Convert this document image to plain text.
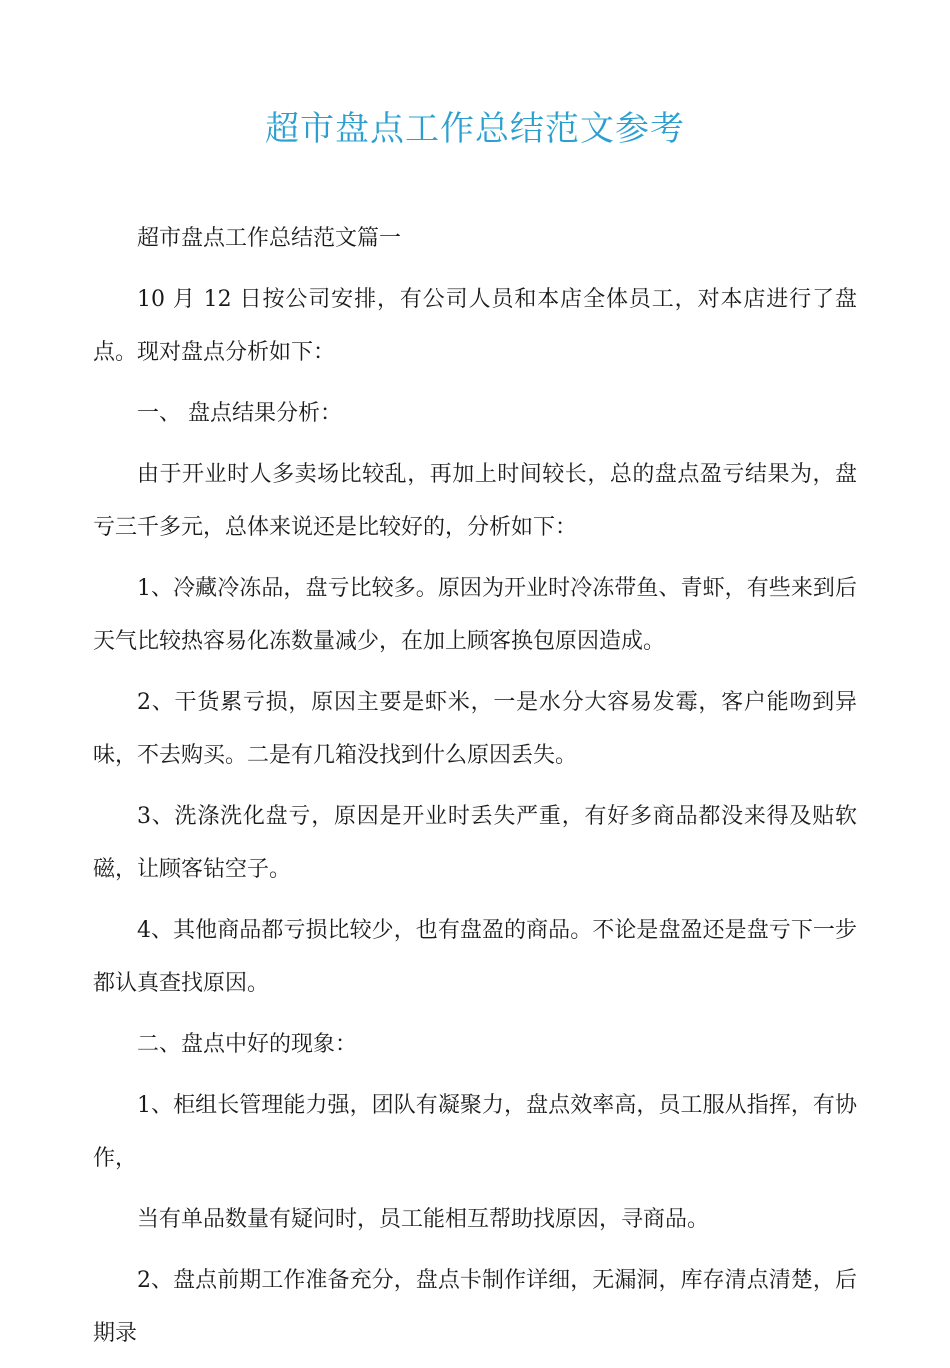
超市盘点工作总结范文参考

超市盘点工作总结范文篇一

10 月 12 日按公司安排，有公司人员和本店全体员工，对本店进行了盘点。现对盘点分析如下：

一、 盘点结果分析：

由于开业时人多卖场比较乱，再加上时间较长，总的盘点盈亏结果为，盘亏三千多元，总体来说还是比较好的，分析如下：

1、冷藏冷冻品，盘亏比较多。原因为开业时冷冻带鱼、青虾，有些来到后天气比较热容易化冻数量减少，在加上顾客换包原因造成。

2、干货累亏损，原因主要是虾米，一是水分大容易发霉，客户能吻到异味，不去购买。二是有几箱没找到什么原因丢失。

3、洗涤洗化盘亏，原因是开业时丢失严重，有好多商品都没来得及贴软磁，让顾客钻空子。

4、其他商品都亏损比较少，也有盘盈的商品。不论是盘盈还是盘亏下一步都认真查找原因。

二、盘点中好的现象：

1、柜组长管理能力强，团队有凝聚力，盘点效率高，员工服从指挥，有协作，

当有单品数量有疑问时，员工能相互帮助找原因，寻商品。

2、盘点前期工作准备充分，盘点卡制作详细，无漏洞，库存清点清楚，后期录
